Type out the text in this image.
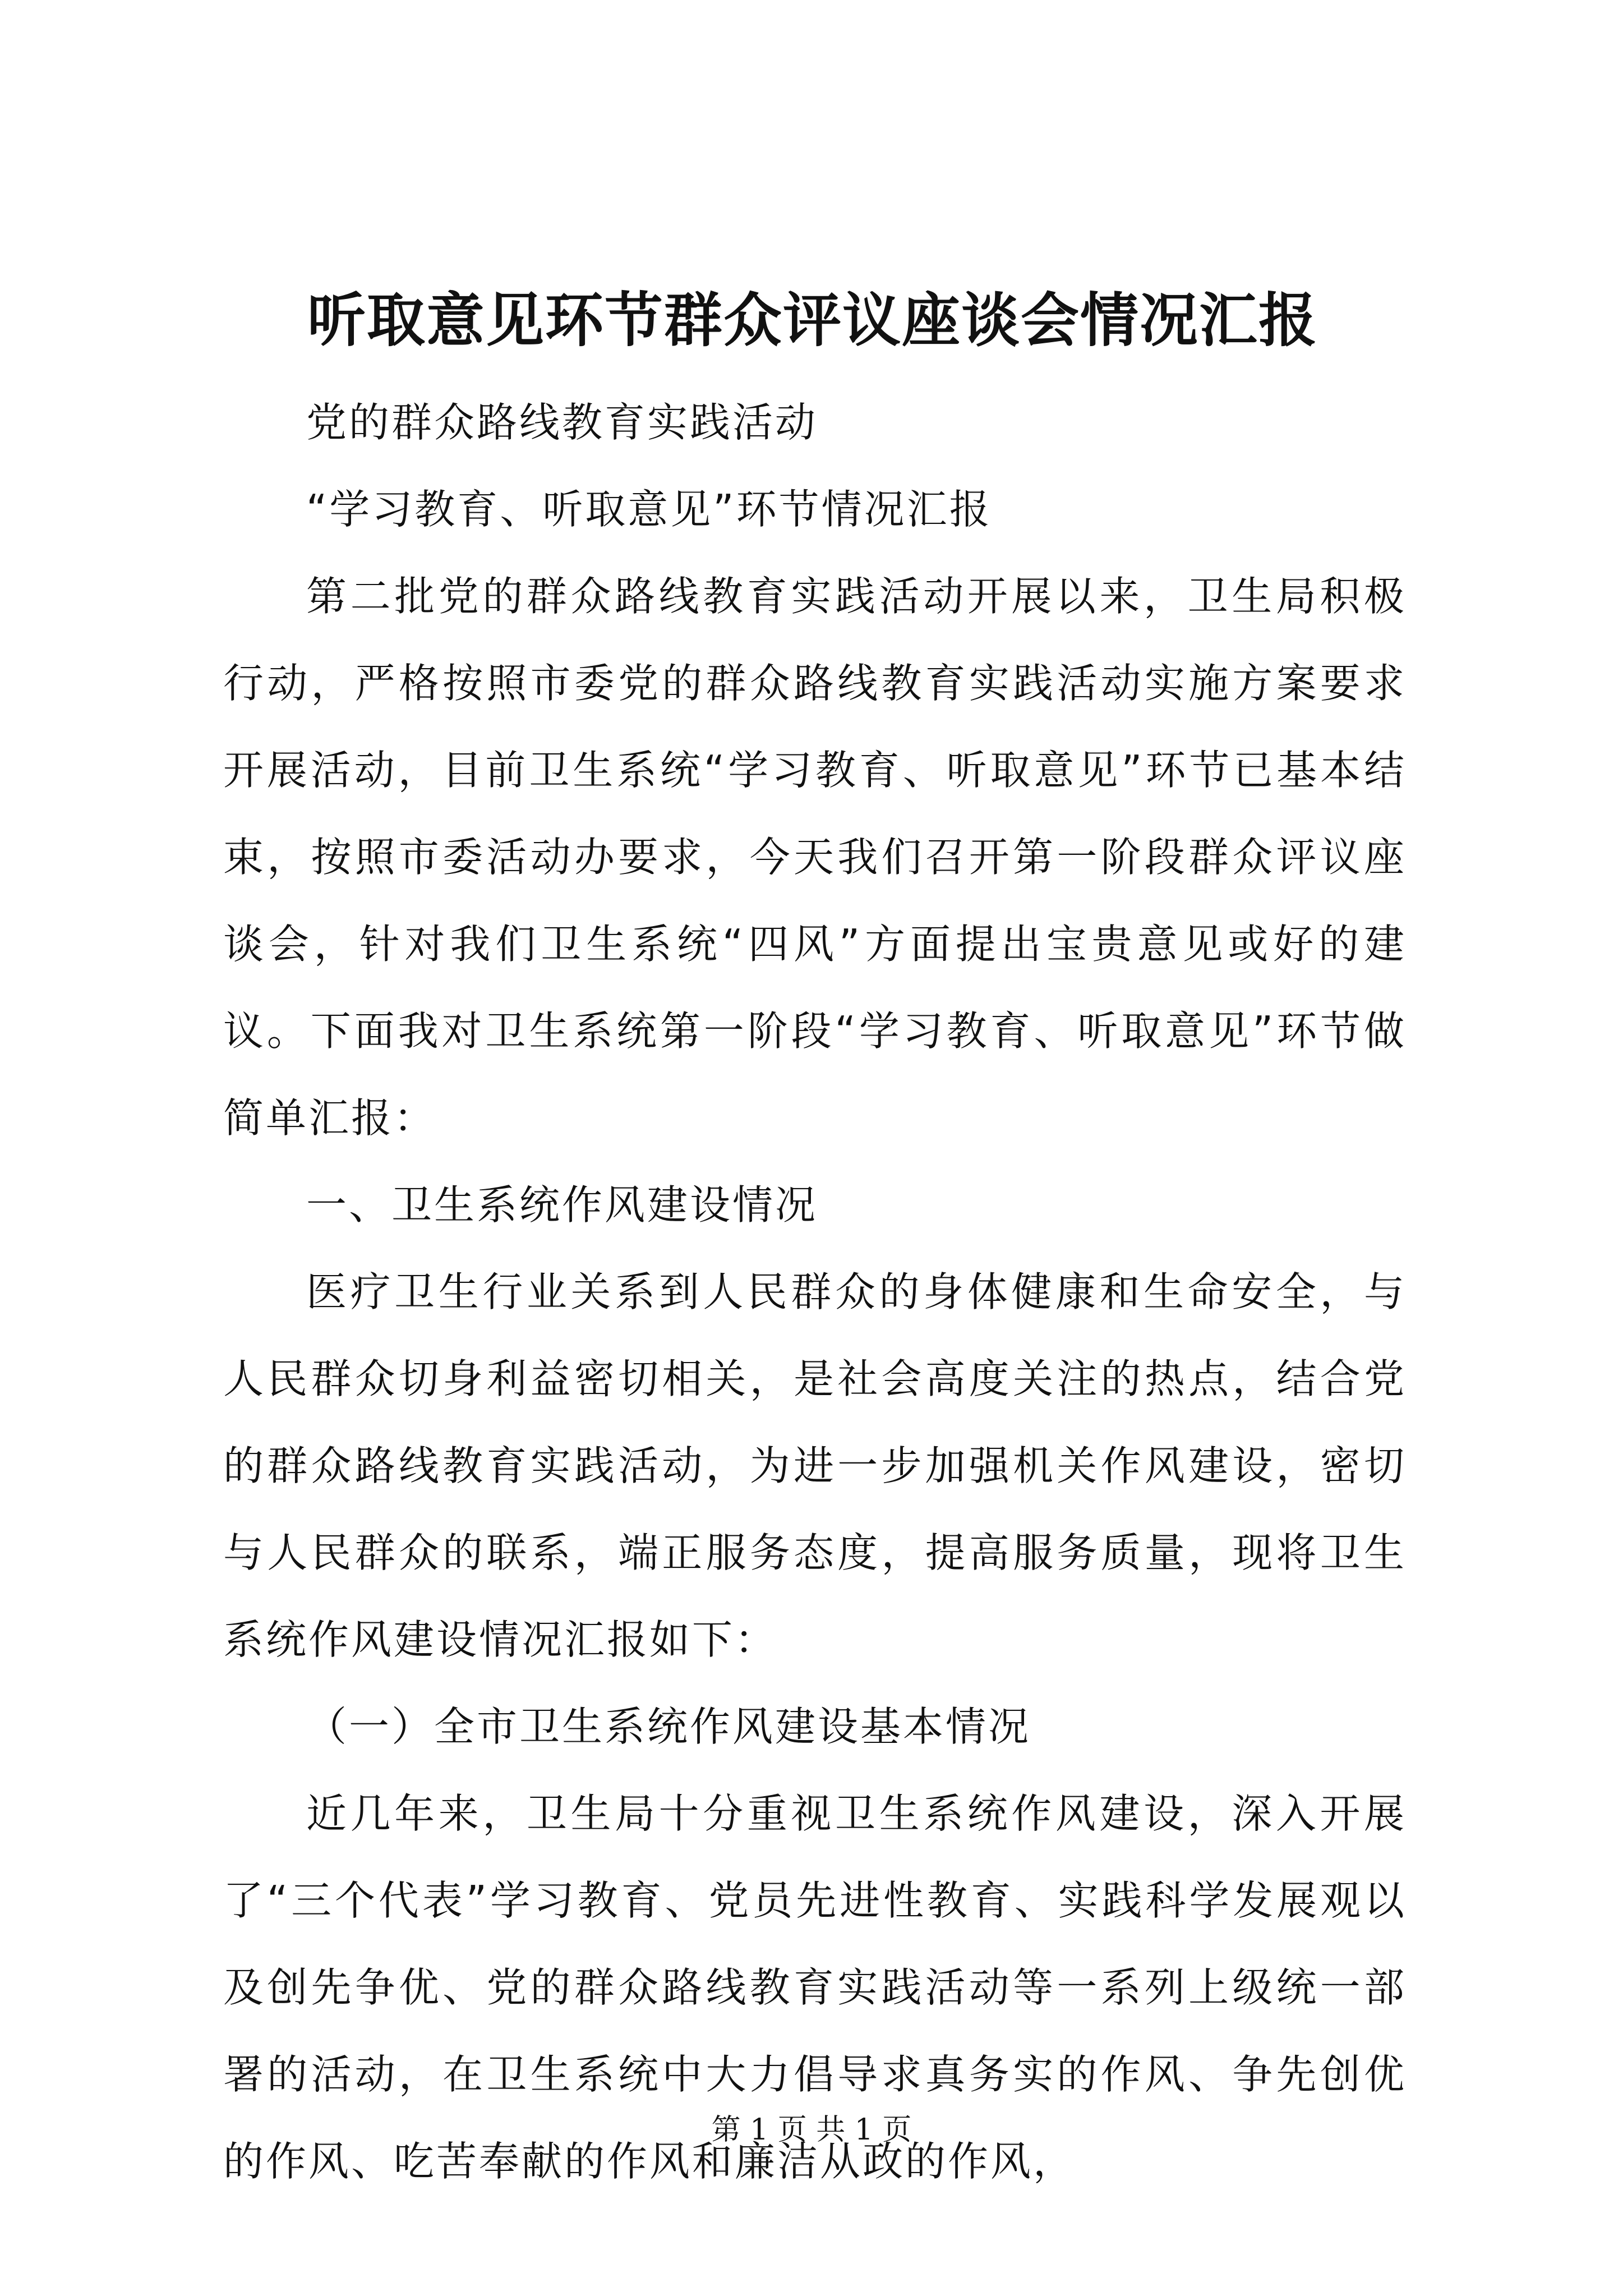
听取意见环节群众评议座谈会情况汇报

党的群众路线教育实践活动

“学习教育、听取意见”环节情况汇报

第二批党的群众路线教育实践活动开展以来，卫生局积极行动，严格按照市委党的群众路线教育实践活动实施方案要求开展活动，目前卫生系统“学习教育、听取意见”环节已基本结束，按照市委活动办要求，今天我们召开第一阶段群众评议座谈会，针对我们卫生系统“四风”方面提出宝贵意见或好的建议。下面我对卫生系统第一阶段“学习教育、听取意见”环节做简单汇报：

一、卫生系统作风建设情况

医疗卫生行业关系到人民群众的身体健康和生命安全，与人民群众切身利益密切相关，是社会高度关注的热点，结合党的群众路线教育实践活动，为进一步加强机关作风建设，密切与人民群众的联系，端正服务态度，提高服务质量，现将卫生系统作风建设情况汇报如下：

（一）全市卫生系统作风建设基本情况

近几年来，卫生局十分重视卫生系统作风建设，深入开展了“三个代表”学习教育、党员先进性教育、实践科学发展观以及创先争优、党的群众路线教育实践活动等一系列上级统一部署的活动，在卫生系统中大力倡导求真务实的作风、争先创优的作风、吃苦奉献的作风和廉洁从政的作风，

第 1 页 共 1 页
